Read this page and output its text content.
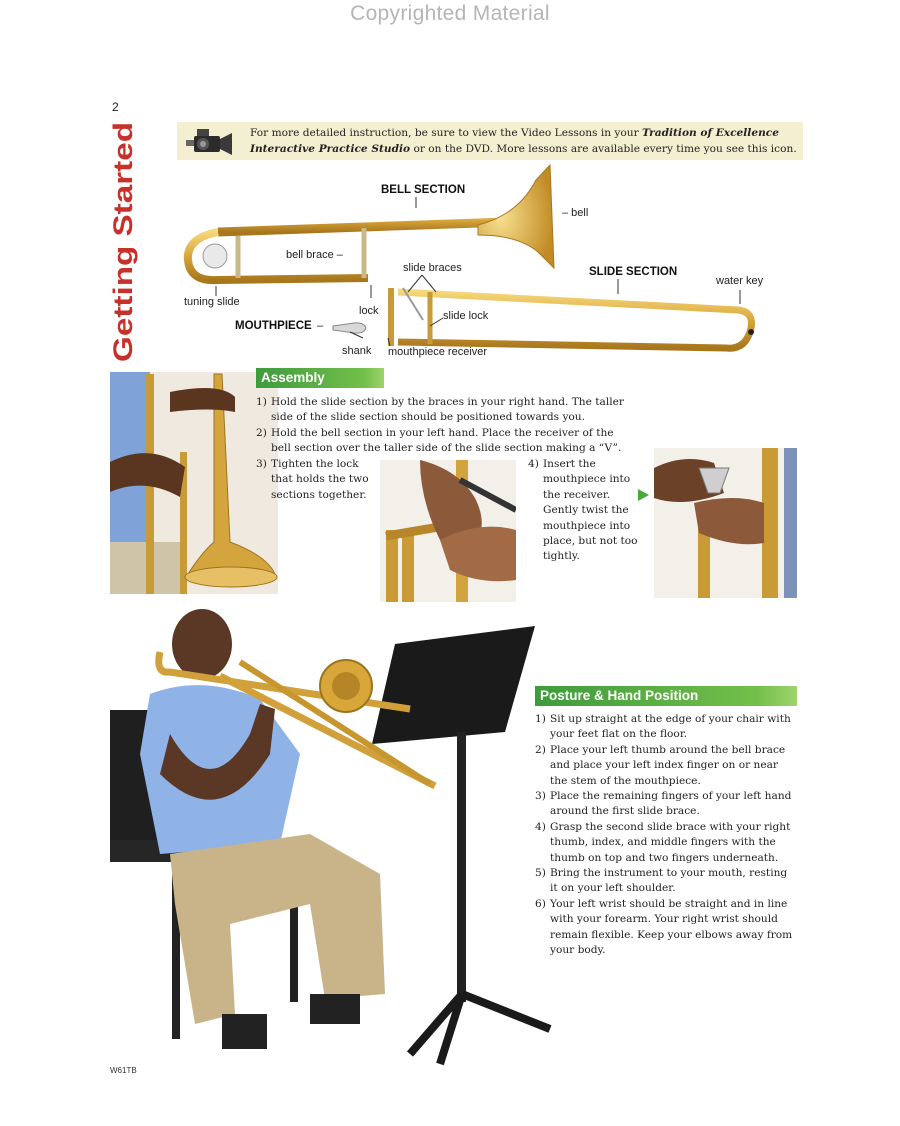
Copyrighted Material
2
Getting Started
For more detailed instruction, be sure to view the Video Lessons in your Tradition of Excellence Interactive Practice Studio or on the DVD. More lessons are available every time you see this icon.
BELL SECTION
– bell
bell brace –
slide braces	SLIDE SECTION
water key
tuning slide
lock	slide lock
MOUTHPIECE –
shank mouthpiece receiver
Assembly
1) Hold the slide section by the braces in your right hand. The taller side of the slide section should be positioned towards you.
2) Hold the bell section in your left hand. Place the receiver of the bell section over the taller side of the slide section making a “V”.
3) Tighten the lock that holds the two sections together.
4) Insert the mouthpiece into the receiver. Gently twist the mouthpiece into place, but not too tightly.
Posture & Hand Position
1) Sit up straight at the edge of your chair with your feet flat on the floor.
2) Place your left thumb around the bell brace and place your left index finger on or near the stem of the mouthpiece.
3) Place the remaining fingers of your left hand around the first slide brace.
4) Grasp the second slide brace with your right thumb, index, and middle fingers with the thumb on top and two fingers underneath.
5) Bring the instrument to your mouth, resting it on your left shoulder.
6) Your left wrist should be straight and in line with your forearm. Your right wrist should remain flexible. Keep your elbows away from your body.
W61TB
